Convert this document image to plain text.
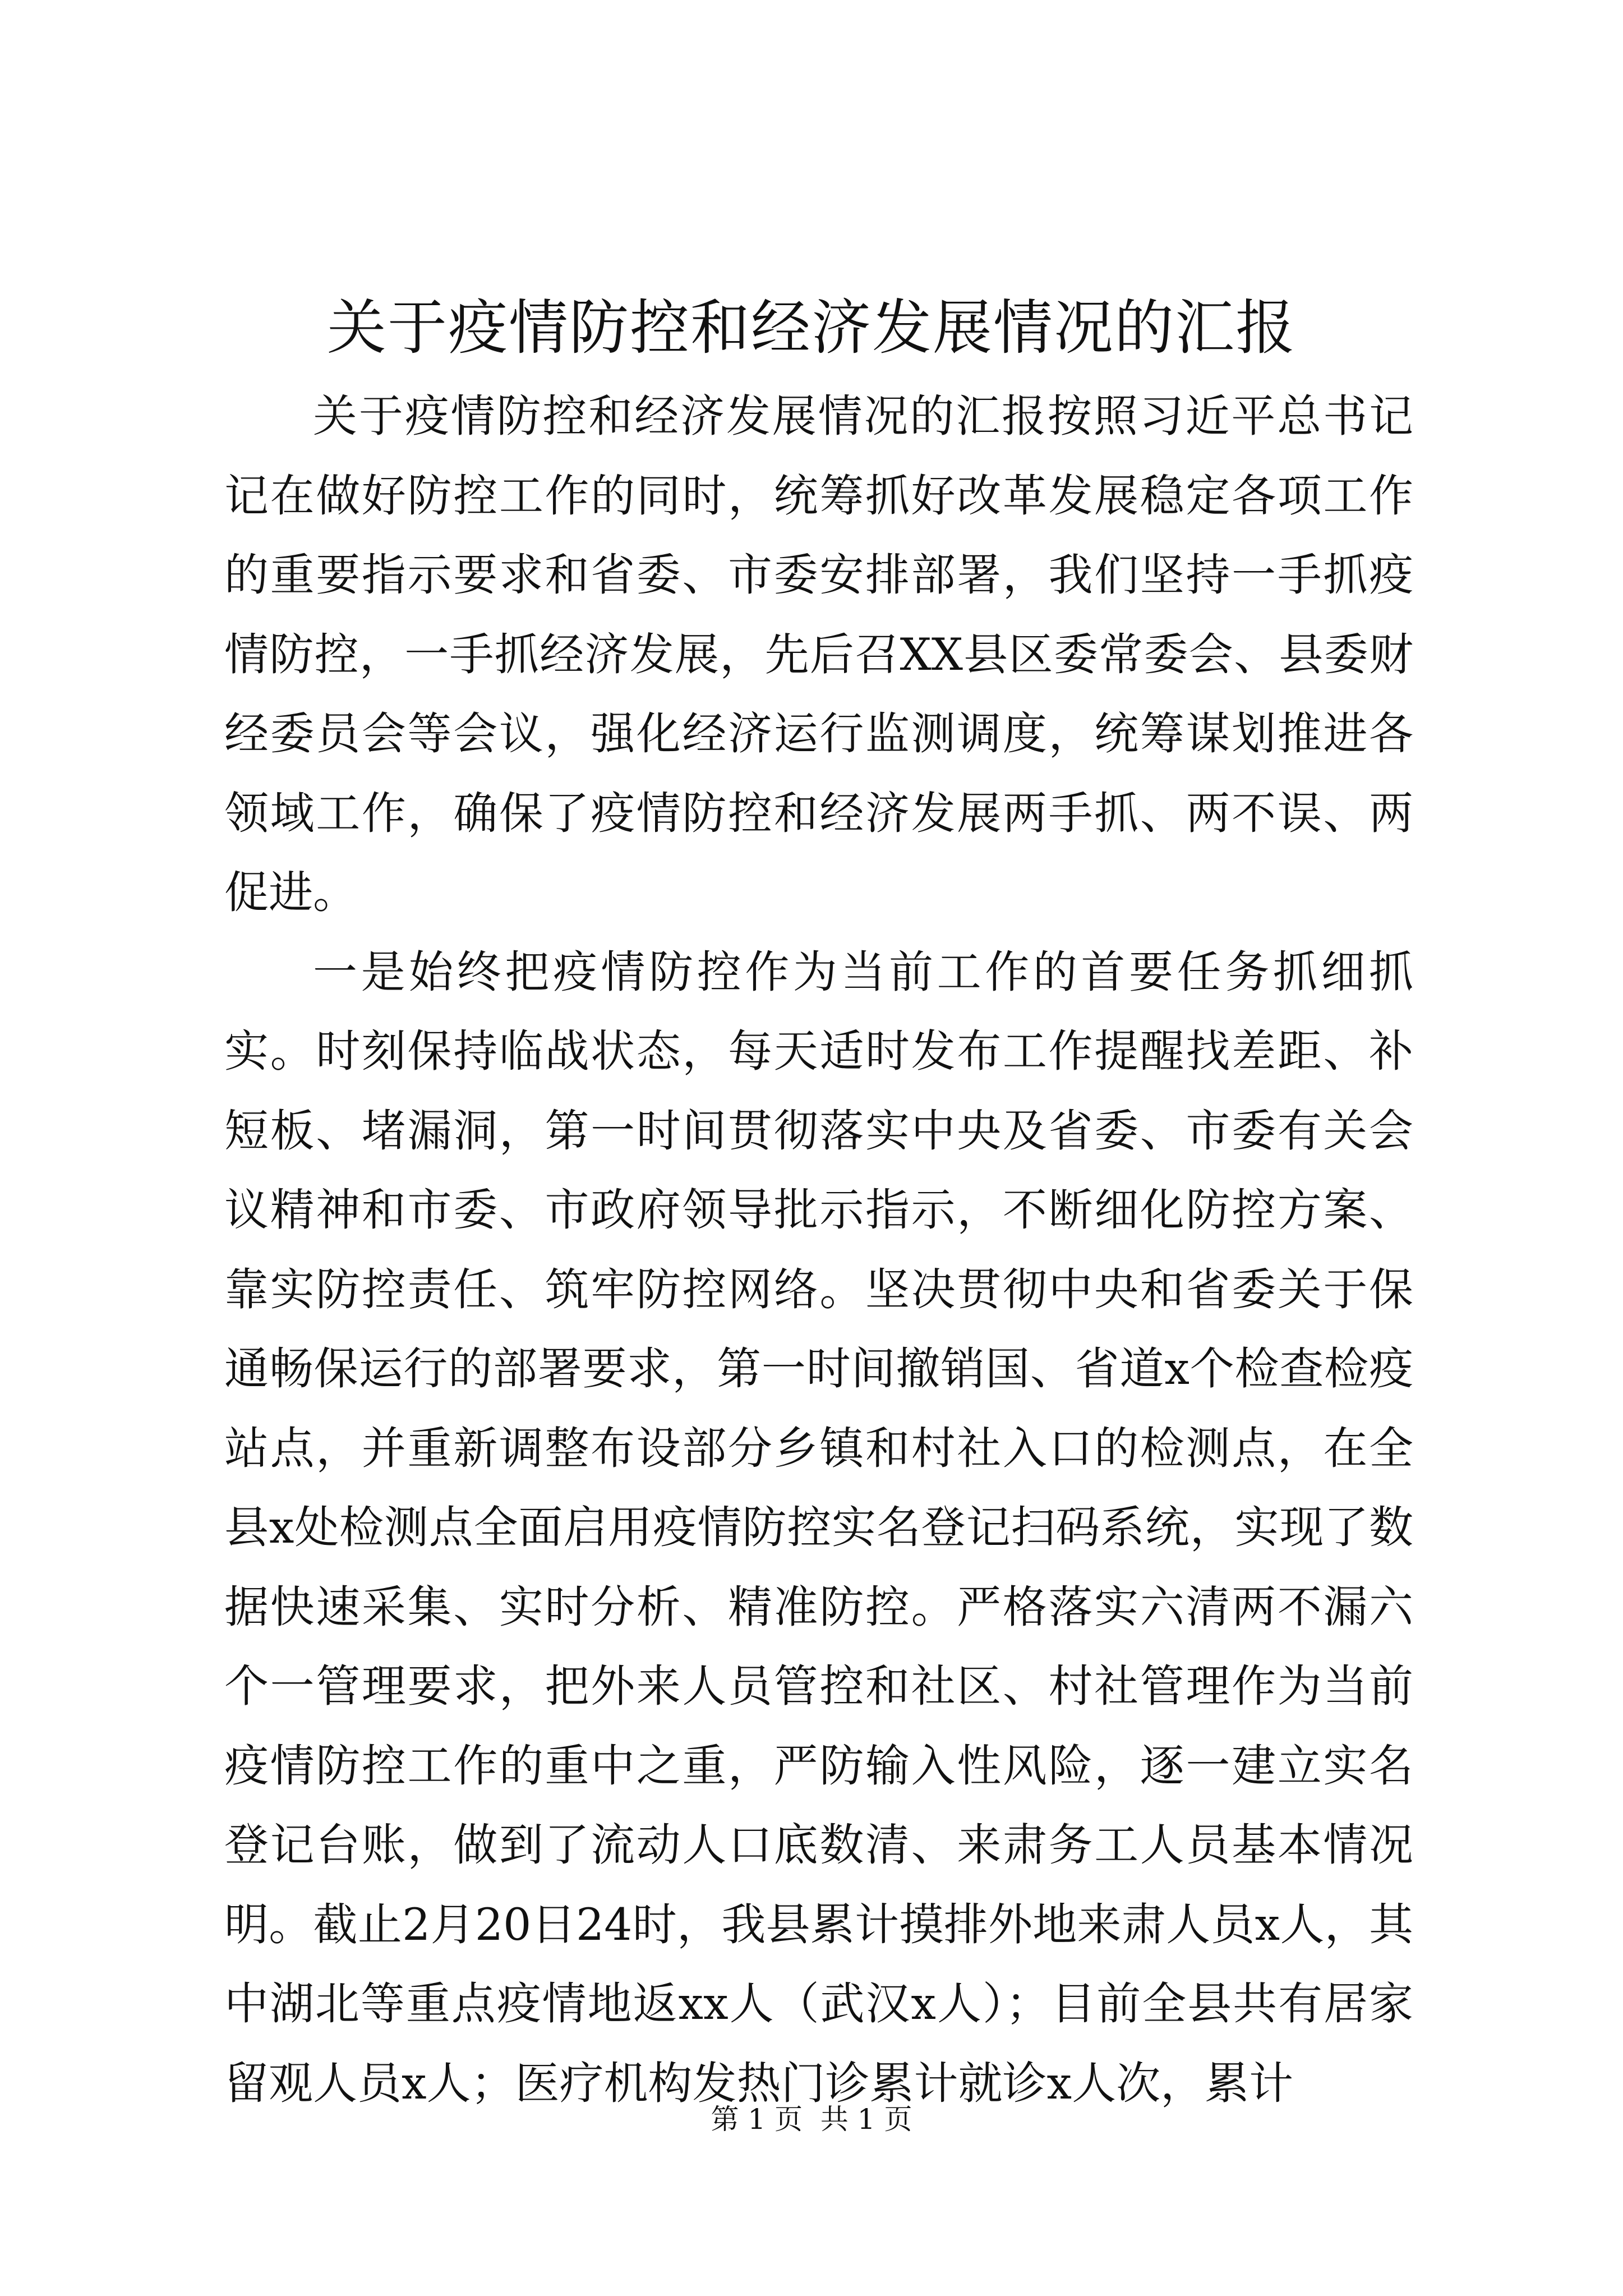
关于疫情防控和经济发展情况的汇报

关于疫情防控和经济发展情况的汇报按照习近平总书记记在做好防控工作的同时，统筹抓好改革发展稳定各项工作的重要指示要求和省委、市委安排部署，我们坚持一手抓疫情防控，一手抓经济发展，先后召XX县区委常委会、县委财经委员会等会议，强化经济运行监测调度，统筹谋划推进各领域工作，确保了疫情防控和经济发展两手抓、两不误、两促进。

一是始终把疫情防控作为当前工作的首要任务抓细抓实。时刻保持临战状态，每天适时发布工作提醒找差距、补短板、堵漏洞，第一时间贯彻落实中央及省委、市委有关会议精神和市委、市政府领导批示指示，不断细化防控方案、靠实防控责任、筑牢防控网络。坚决贯彻中央和省委关于保通畅保运行的部署要求，第一时间撤销国、省道x个检查检疫站点，并重新调整布设部分乡镇和村社入口的检测点，在全县x处检测点全面启用疫情防控实名登记扫码系统，实现了数据快速采集、实时分析、精准防控。严格落实六清两不漏六个一管理要求，把外来人员管控和社区、村社管理作为当前疫情防控工作的重中之重，严防输入性风险，逐一建立实名登记台账，做到了流动人口底数清、来肃务工人员基本情况明。截止2月20日24时，我县累计摸排外地来肃人员x人，其中湖北等重点疫情地返xx人（武汉x人）；目前全县共有居家留观人员x人；医疗机构发热门诊累计就诊x人次，累计

第 1 页  共 1 页
